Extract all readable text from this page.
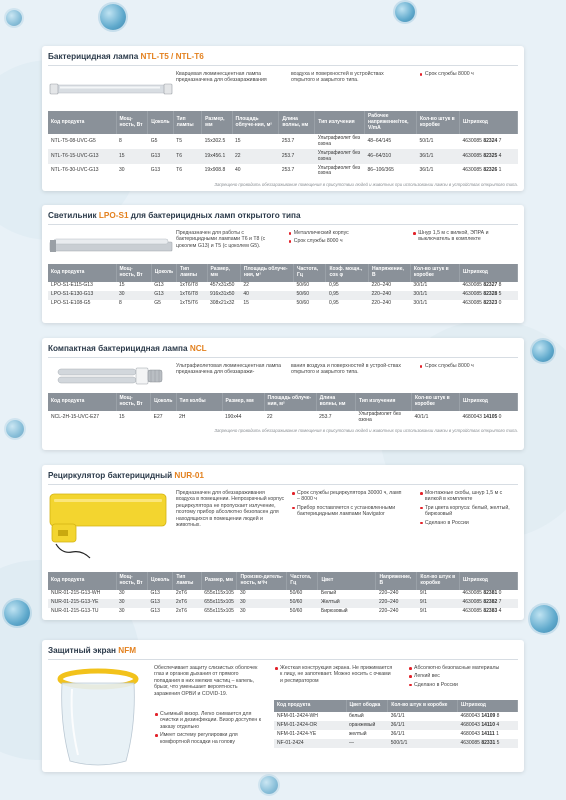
Бактерицидная лампа NTL-T5 / NTL-T6
Кварцевая люминесцентная лампа предназначена для обеззараживания
воздуха и поверхностей в устройствах открытого и закрытого типа.
Срок службы 8000 ч
Код продукта	Мощ-ность, Вт	Цоколь	Тип лампы	Размер, мм	Площадь облуче-ния, м²	Длина волны, нм	Тип излучения	Рабочее напряжение/ток, V/mA	Кол-во штук в коробке	Штрихкод
NTL-T5-08-UVC-G5	8	G5	T5	15x302.5	15	253.7	Ультрафиолет без озона	48–64/145	50/1/1	4630085 82324 7
NTL-T6-15-UVC-G13	15	G13	T6	19x456.1	22	253.7	Ультрафиолет без озона	46–64/310	36/1/1	4630085 82325 4
NTL-T6-30-UVC-G13	30	G13	T6	19x908.8	40	253.7	Ультрафиолет без озона	86–106/365	36/1/1	4630085 82326 1
Запрещено проводить обеззараживание помещения в присутствии людей и животных при использовании лампы в устройствах открытого типа.
Светильник LPO-S1 для бактерицидных ламп открытого типа
Предназначен для работы с бактерицидными лампами T6 и T8 (с цоколем G13) и T5 (с цоколем G5).
Металлический корпус
Срок службы 8000 ч
Шнур 1,5 м с вилкой, ЭПРА и выключатель в комплекте
Код продукта	Мощ-ность, Вт	Цоколь	Тип лампы	Размер, мм	Площадь облуче-ния, м²	Частота, Гц	Коэф. мощн., cos φ	Напряжение, В	Кол-во штук в коробке	Штрихкод
LPO-S1-E115-G13	15	G13	1xT6/T8	457x31x50	22	50/60	0,95	220–240	30/1/1	4630085 82327 8
LPO-S1-E130-G13	30	G13	1xT6/T8	916x31x50	40	50/60	0,95	220–240	30/1/1	4630085 82328 5
LPO-S1-E108-G5	8	G5	1xT5/T6	308x21x32	15	50/60	0,95	220–240	30/1/1	4630085 82323 0
Компактная бактерицидная лампа NCL
Ультрафиолетовая люминесцентная лампа предназначена для обеззаражи-
вания воздуха и поверхностей в устрой-ствах открытого и закрытого типа.
Срок службы 8000 ч
Код продукта	Мощ-ность, Вт	Цоколь	Тип колбы	Размер, мм	Площадь облуче-ния, м²	Длина волны, нм	Тип излучения	Кол-во штук в коробке	Штрихкод
NCL-2H-15-UVC-E27	15	E27	2H	190x44	22	253.7	Ультрафиолет без озона	40/1/1	4680043 14105 0
Запрещено проводить обеззараживание помещения в присутствии людей и животных при использовании лампы в устройствах открытого типа.
Рециркулятор бактерицидный NUR-01
Предназначен для обеззараживания воздуха в помещении. Непрозрачный корпус рециркулятора не пропускает излучение, поэтому прибор абсолютно безопасен для находящихся в помещении людей и животных.
Срок службы рециркулятора 30000 ч, ламп – 8000 ч
Прибор поставляется с установленными бактерицидными лампами Navigator
Монтажные скобы, шнур 1,5 м с вилкой в комплекте
Три цвета корпуса: белый, желтый, бирюзовый
Сделано в России
Код продукта	Мощ-ность, Вт	Цоколь	Тип лампы	Размер, мм	Произво-дитель-ность, м³/ч	Частота, Гц	Цвет	Напряжение, В	Кол-во штук в коробке	Штрихкод
NUR-01-215-G13-WH	30	G13	2xT6	655x115x105	30	50/60	Белый	220–240	9/1	4630085 82381 0
NUR-01-215-G13-YE	30	G13	2xT6	655x115x105	30	50/60	Желтый	220–240	9/1	4630085 82382 7
NUR-01-215-G13-TU	30	G13	2xT6	655x115x105	30	50/60	Бирюзовый	220–240	9/1	4630085 82383 4
Защитный экран NFM
Обеспечивает защиту слизистых оболочек глаз и органов дыхания от прямого попадания в них мелких частиц – капель, брызг, что уменьшает вероятность заражения ОРВИ и COVID-19.
Съемный визор. Легко снимается для очистки и дезинфекции. Визор доступен к заказу отдельно
Имеет систему регулировки для комфортной посадки на голову
Жесткая конструкция экрана. Не прижимается к лицу, не запотевает. Можно носить с очками и респиратором
Абсолютно безопасные материалы
Легкий вес
Сделано в России
Код продукта	Цвет ободка	Кол-во штук в коробке	Штрихкод
NFM-01-2424-WH	белый	36/1/1	4680043 14109 8
NFM-01-2424-OR	оранжевый	36/1/1	4680043 14110 4
NFM-01-2424-YE	желтый	36/1/1	4680043 14111 1
NF-01-2424	—	500/1/1	4630085 82331 5
